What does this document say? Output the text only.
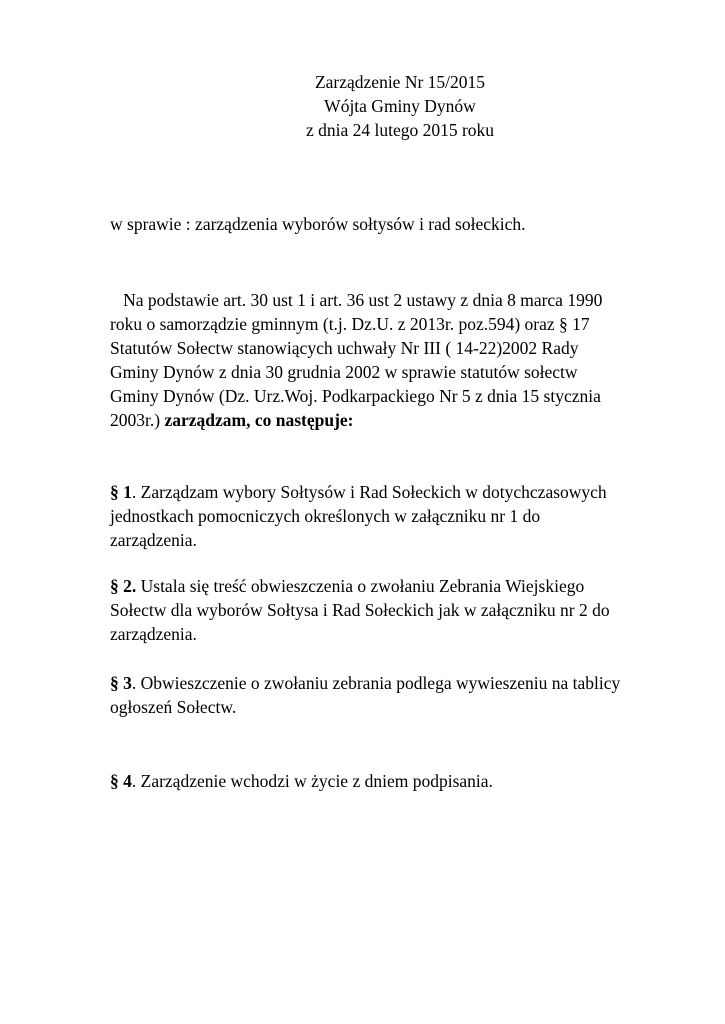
Zarządzenie Nr 15/2015
Wójta Gminy Dynów
z dnia 24 lutego 2015 roku
w sprawie : zarządzenia wyborów sołtysów i rad sołeckich.
Na podstawie art. 30 ust 1 i art. 36 ust 2 ustawy z dnia 8 marca 1990
roku o samorządzie gminnym (t.j. Dz.U. z 2013r. poz.594) oraz § 17
Statutów Sołectw stanowiących uchwały Nr III ( 14-22)2002 Rady
Gminy Dynów z dnia 30 grudnia 2002 w sprawie statutów sołectw
Gminy Dynów (Dz. Urz.Woj. Podkarpackiego Nr 5 z dnia 15 stycznia
2003r.) zarządzam, co następuje:
§ 1. Zarządzam wybory Sołtysów i Rad Sołeckich w dotychczasowych
jednostkach pomocniczych określonych w załączniku nr 1 do
zarządzenia.
§ 2. Ustala się treść obwieszczenia o zwołaniu Zebrania Wiejskiego
Sołectw dla wyborów Sołtysa i Rad Sołeckich jak w załączniku nr 2 do
zarządzenia.
§ 3. Obwieszczenie o zwołaniu zebrania podlega wywieszeniu na tablicy
ogłoszeń Sołectw.
§ 4. Zarządzenie wchodzi w życie z dniem podpisania.
